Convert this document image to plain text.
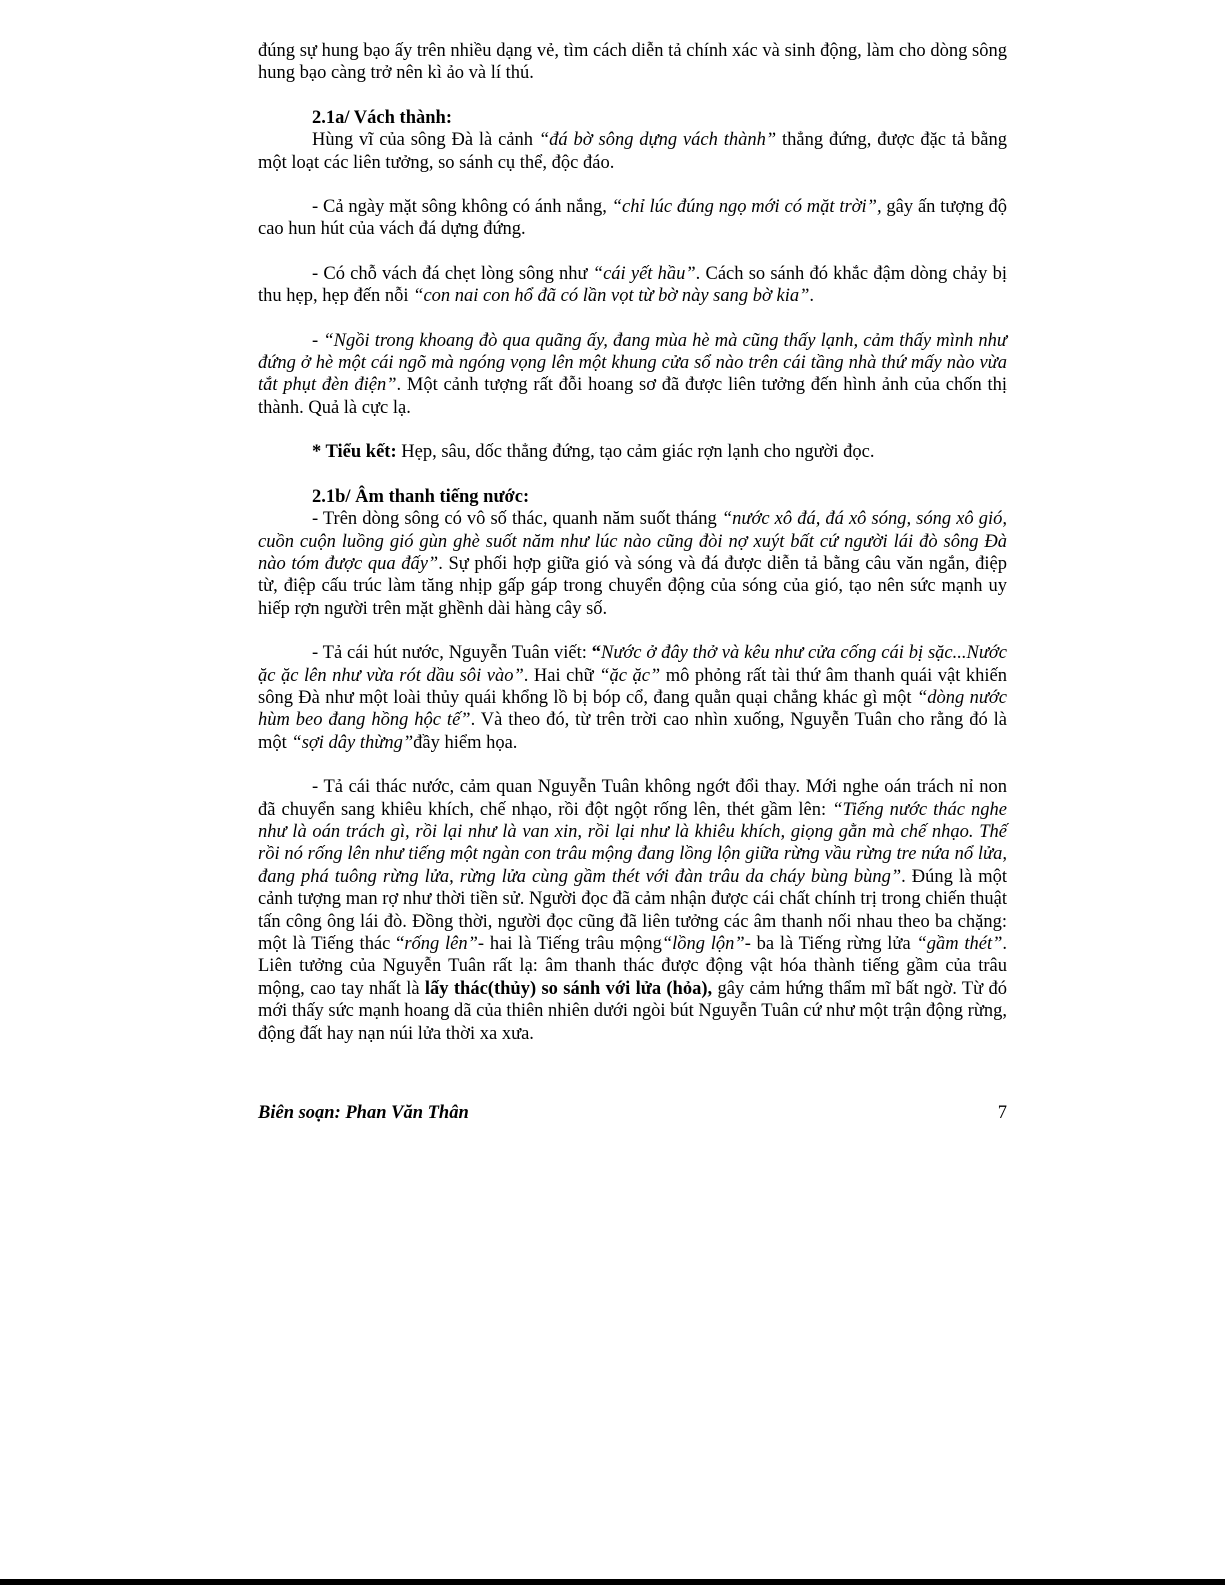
đúng sự hung bạo ấy trên nhiều dạng vẻ, tìm cách diễn tả chính xác và sinh động, làm cho dòng sông hung bạo càng trở nên kì ảo và lí thú.

2.1a/ Vách thành:

Hùng vĩ của sông Đà là cảnh “đá bờ sông dựng vách thành” thẳng đứng, được đặc tả bằng một loạt các liên tưởng, so sánh cụ thể, độc đáo.

- Cả ngày mặt sông không có ánh nắng, “chỉ lúc đúng ngọ mới có mặt trời”, gây ấn tượng độ cao hun hút của vách đá dựng đứng.

- Có chỗ vách đá chẹt lòng sông như “cái yết hầu”. Cách so sánh đó khắc đậm dòng chảy bị thu hẹp, hẹp đến nỗi “con nai con hổ đã có lần vọt từ bờ này sang bờ kia”.

- “Ngồi trong khoang đò qua quãng ấy, đang mùa hè mà cũng thấy lạnh, cảm thấy mình như đứng ở hè một cái ngõ mà ngóng vọng lên một khung cửa sổ nào trên cái tầng nhà thứ mấy nào vừa tắt phụt đèn điện”. Một cảnh tượng rất đỗi hoang sơ đã được liên tưởng đến hình ảnh của chốn thị thành. Quả là cực lạ.

* Tiểu kết: Hẹp, sâu, dốc thẳng đứng, tạo cảm giác rợn lạnh cho người đọc.

2.1b/ Âm thanh tiếng nước:

- Trên dòng sông có vô số thác, quanh năm suốt tháng “nước xô đá, đá xô sóng, sóng xô gió, cuồn cuộn luồng gió gùn ghè suốt năm như lúc nào cũng đòi nợ xuýt bất cứ người lái đò sông Đà nào tóm được qua đấy”. Sự phối hợp giữa gió và sóng và đá được diễn tả bằng câu văn ngắn, điệp từ, điệp cấu trúc làm tăng nhịp gấp gáp trong chuyển động của sóng của gió, tạo nên sức mạnh uy hiếp rợn người trên mặt ghềnh dài hàng cây số.

- Tả cái hút nước, Nguyễn Tuân viết: “Nước ở đây thở và kêu như cửa cống cái bị sặc...Nước ặc ặc lên như vừa rót dầu sôi vào”. Hai chữ “ặc ặc” mô phỏng rất tài thứ âm thanh quái vật khiến sông Đà như một loài thủy quái khổng lồ bị bóp cổ, đang quằn quại chẳng khác gì một “dòng nước hùm beo đang hồng hộc tế”. Và theo đó, từ trên trời cao nhìn xuống, Nguyễn Tuân cho rằng đó là một “sợi dây thừng”đầy hiểm họa.

- Tả cái thác nước, cảm quan Nguyễn Tuân không ngớt đổi thay. Mới nghe oán trách nỉ non đã chuyển sang khiêu khích, chế nhạo, rồi đột ngột rống lên, thét gầm lên: “Tiếng nước thác nghe như là oán trách gì, rồi lại như là van xin, rồi lại như là khiêu khích, giọng gằn mà chế nhạo. Thế rồi nó rống lên như tiếng một ngàn con trâu mộng đang lồng lộn giữa rừng vầu rừng tre nứa nổ lửa, đang phá tuông rừng lửa, rừng lửa cùng gầm thét với đàn trâu da cháy bùng bùng”. Đúng là một cảnh tượng man rợ như thời tiền sử. Người đọc đã cảm nhận được cái chất chính trị trong chiến thuật tấn công ông lái đò. Đồng thời, người đọc cũng đã liên tưởng các âm thanh nối nhau theo ba chặng: một là Tiếng thác “rống lên”- hai là Tiếng trâu mộng“lồng lộn”- ba là Tiếng rừng lửa “gầm thét”. Liên tưởng của Nguyễn Tuân rất lạ: âm thanh thác được động vật hóa thành tiếng gầm của trâu mộng, cao tay nhất là lấy thác(thủy) so sánh với lửa (hỏa), gây cảm hứng thẩm mĩ bất ngờ. Từ đó mới thấy sức mạnh hoang dã của thiên nhiên dưới ngòi bút Nguyễn Tuân cứ như một trận động rừng, động đất hay nạn núi lửa thời xa xưa.

Biên soạn: Phan Văn Thân	7
